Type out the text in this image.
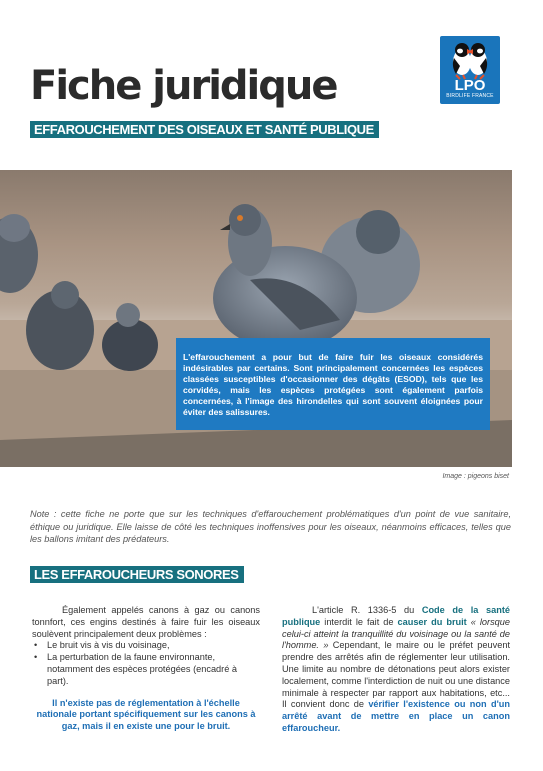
Fiche juridique
EFFAROUCHEMENT DES OISEAUX ET SANTÉ PUBLIQUE
LPO
BIRDLIFE FRANCE
L'effarouchement a pour but de faire fuir les oiseaux considérés indésirables par certains. Sont principalement concernées les espèces classées susceptibles d'occasionner des dégâts (ESOD), tels que les corvidés, mais les espèces protégées sont également parfois concernées, à l'image des hirondelles qui sont souvent éloignées pour éviter des salissures.
Image : pigeons biset
Note : cette fiche ne porte que sur les techniques d'effarouchement problématiques d'un point de vue sanitaire, éthique ou juridique. Elle laisse de côté les techniques inoffensives pour les oiseaux, néanmoins efficaces, telles que les ballons imitant des prédateurs.
LES EFFAROUCHEURS SONORES

Également appelés canons à gaz ou canons tonnfort, ces engins destinés à faire fuir les oiseaux soulèvent principalement deux problèmes :

• Le bruit vis à vis du voisinage,
• La perturbation de la faune environnante, notamment des espèces protégées (encadré à part).

Il n'existe pas de réglementation à l'échelle nationale portant spécifiquement sur les canons à gaz, mais il en existe une pour le bruit.

L'article R. 1336-5 du Code de la santé publique interdit le fait de causer du bruit « lorsque celui-ci atteint la tranquillité du voisinage ou la santé de l'homme. » Cependant, le maire ou le préfet peuvent prendre des arrêtés afin de réglementer leur utilisation. Une limite au nombre de détonations peut alors exister localement, comme l'interdiction de nuit ou une distance minimale à respecter par rapport aux habitations, etc... Il convient donc de vérifier l'existence ou non d'un arrêté avant de mettre en place un canon effaroucheur.
